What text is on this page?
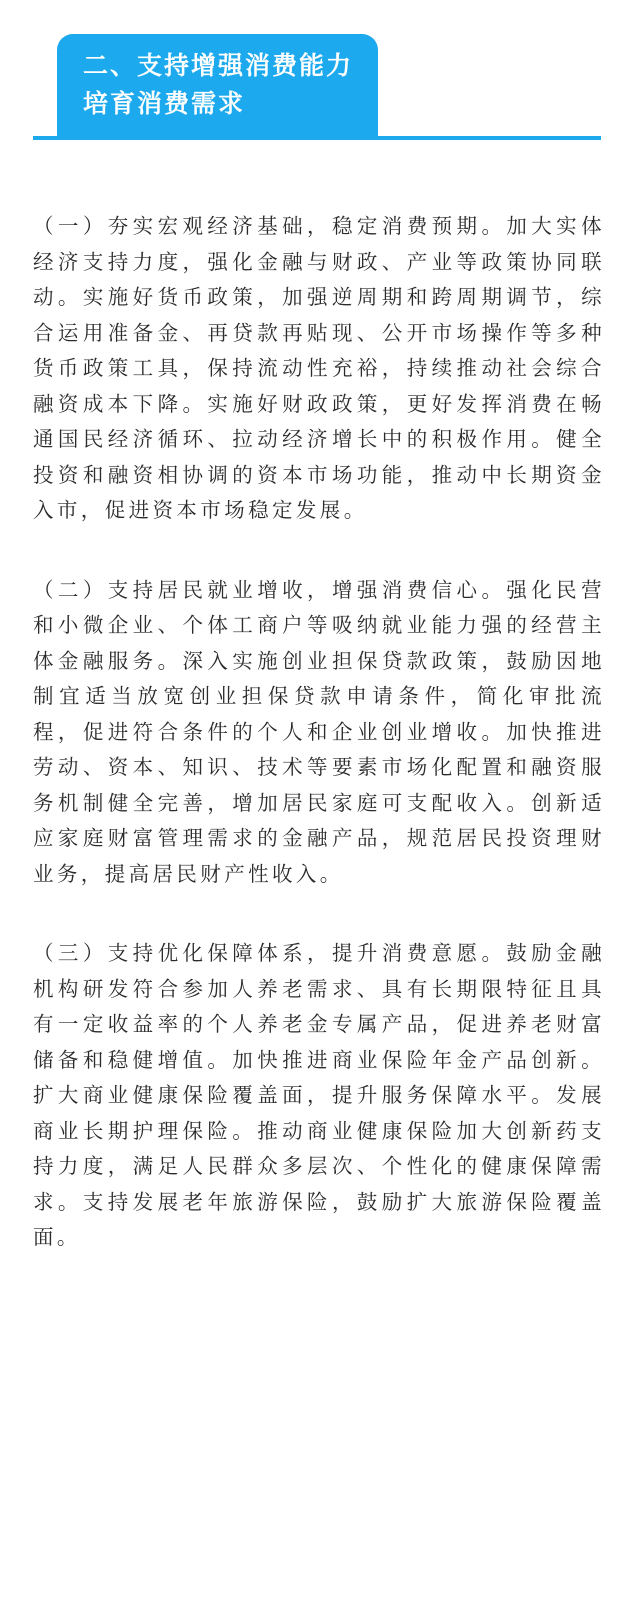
二、支持增强消费能力
培育消费需求
（一）夯实宏观经济基础，稳定消费预期。加大实体经济支持力度，强化金融与财政、产业等政策协同联动。实施好货币政策，加强逆周期和跨周期调节，综合运用准备金、再贷款再贴现、公开市场操作等多种货币政策工具，保持流动性充裕，持续推动社会综合融资成本下降。实施好财政政策，更好发挥消费在畅通国民经济循环、拉动经济增长中的积极作用。健全投资和融资相协调的资本市场功能，推动中长期资金入市，促进资本市场稳定发展。
（二）支持居民就业增收，增强消费信心。强化民营和小微企业、个体工商户等吸纳就业能力强的经营主体金融服务。深入实施创业担保贷款政策，鼓励因地制宜适当放宽创业担保贷款申请条件，简化审批流程，促进符合条件的个人和企业创业增收。加快推进劳动、资本、知识、技术等要素市场化配置和融资服务机制健全完善，增加居民家庭可支配收入。创新适应家庭财富管理需求的金融产品，规范居民投资理财业务，提高居民财产性收入。
（三）支持优化保障体系，提升消费意愿。鼓励金融机构研发符合参加人养老需求、具有长期限特征且具有一定收益率的个人养老金专属产品，促进养老财富储备和稳健增值。加快推进商业保险年金产品创新。扩大商业健康保险覆盖面，提升服务保障水平。发展商业长期护理保险。推动商业健康保险加大创新药支持力度，满足人民群众多层次、个性化的健康保障需求。支持发展老年旅游保险，鼓励扩大旅游保险覆盖面。
